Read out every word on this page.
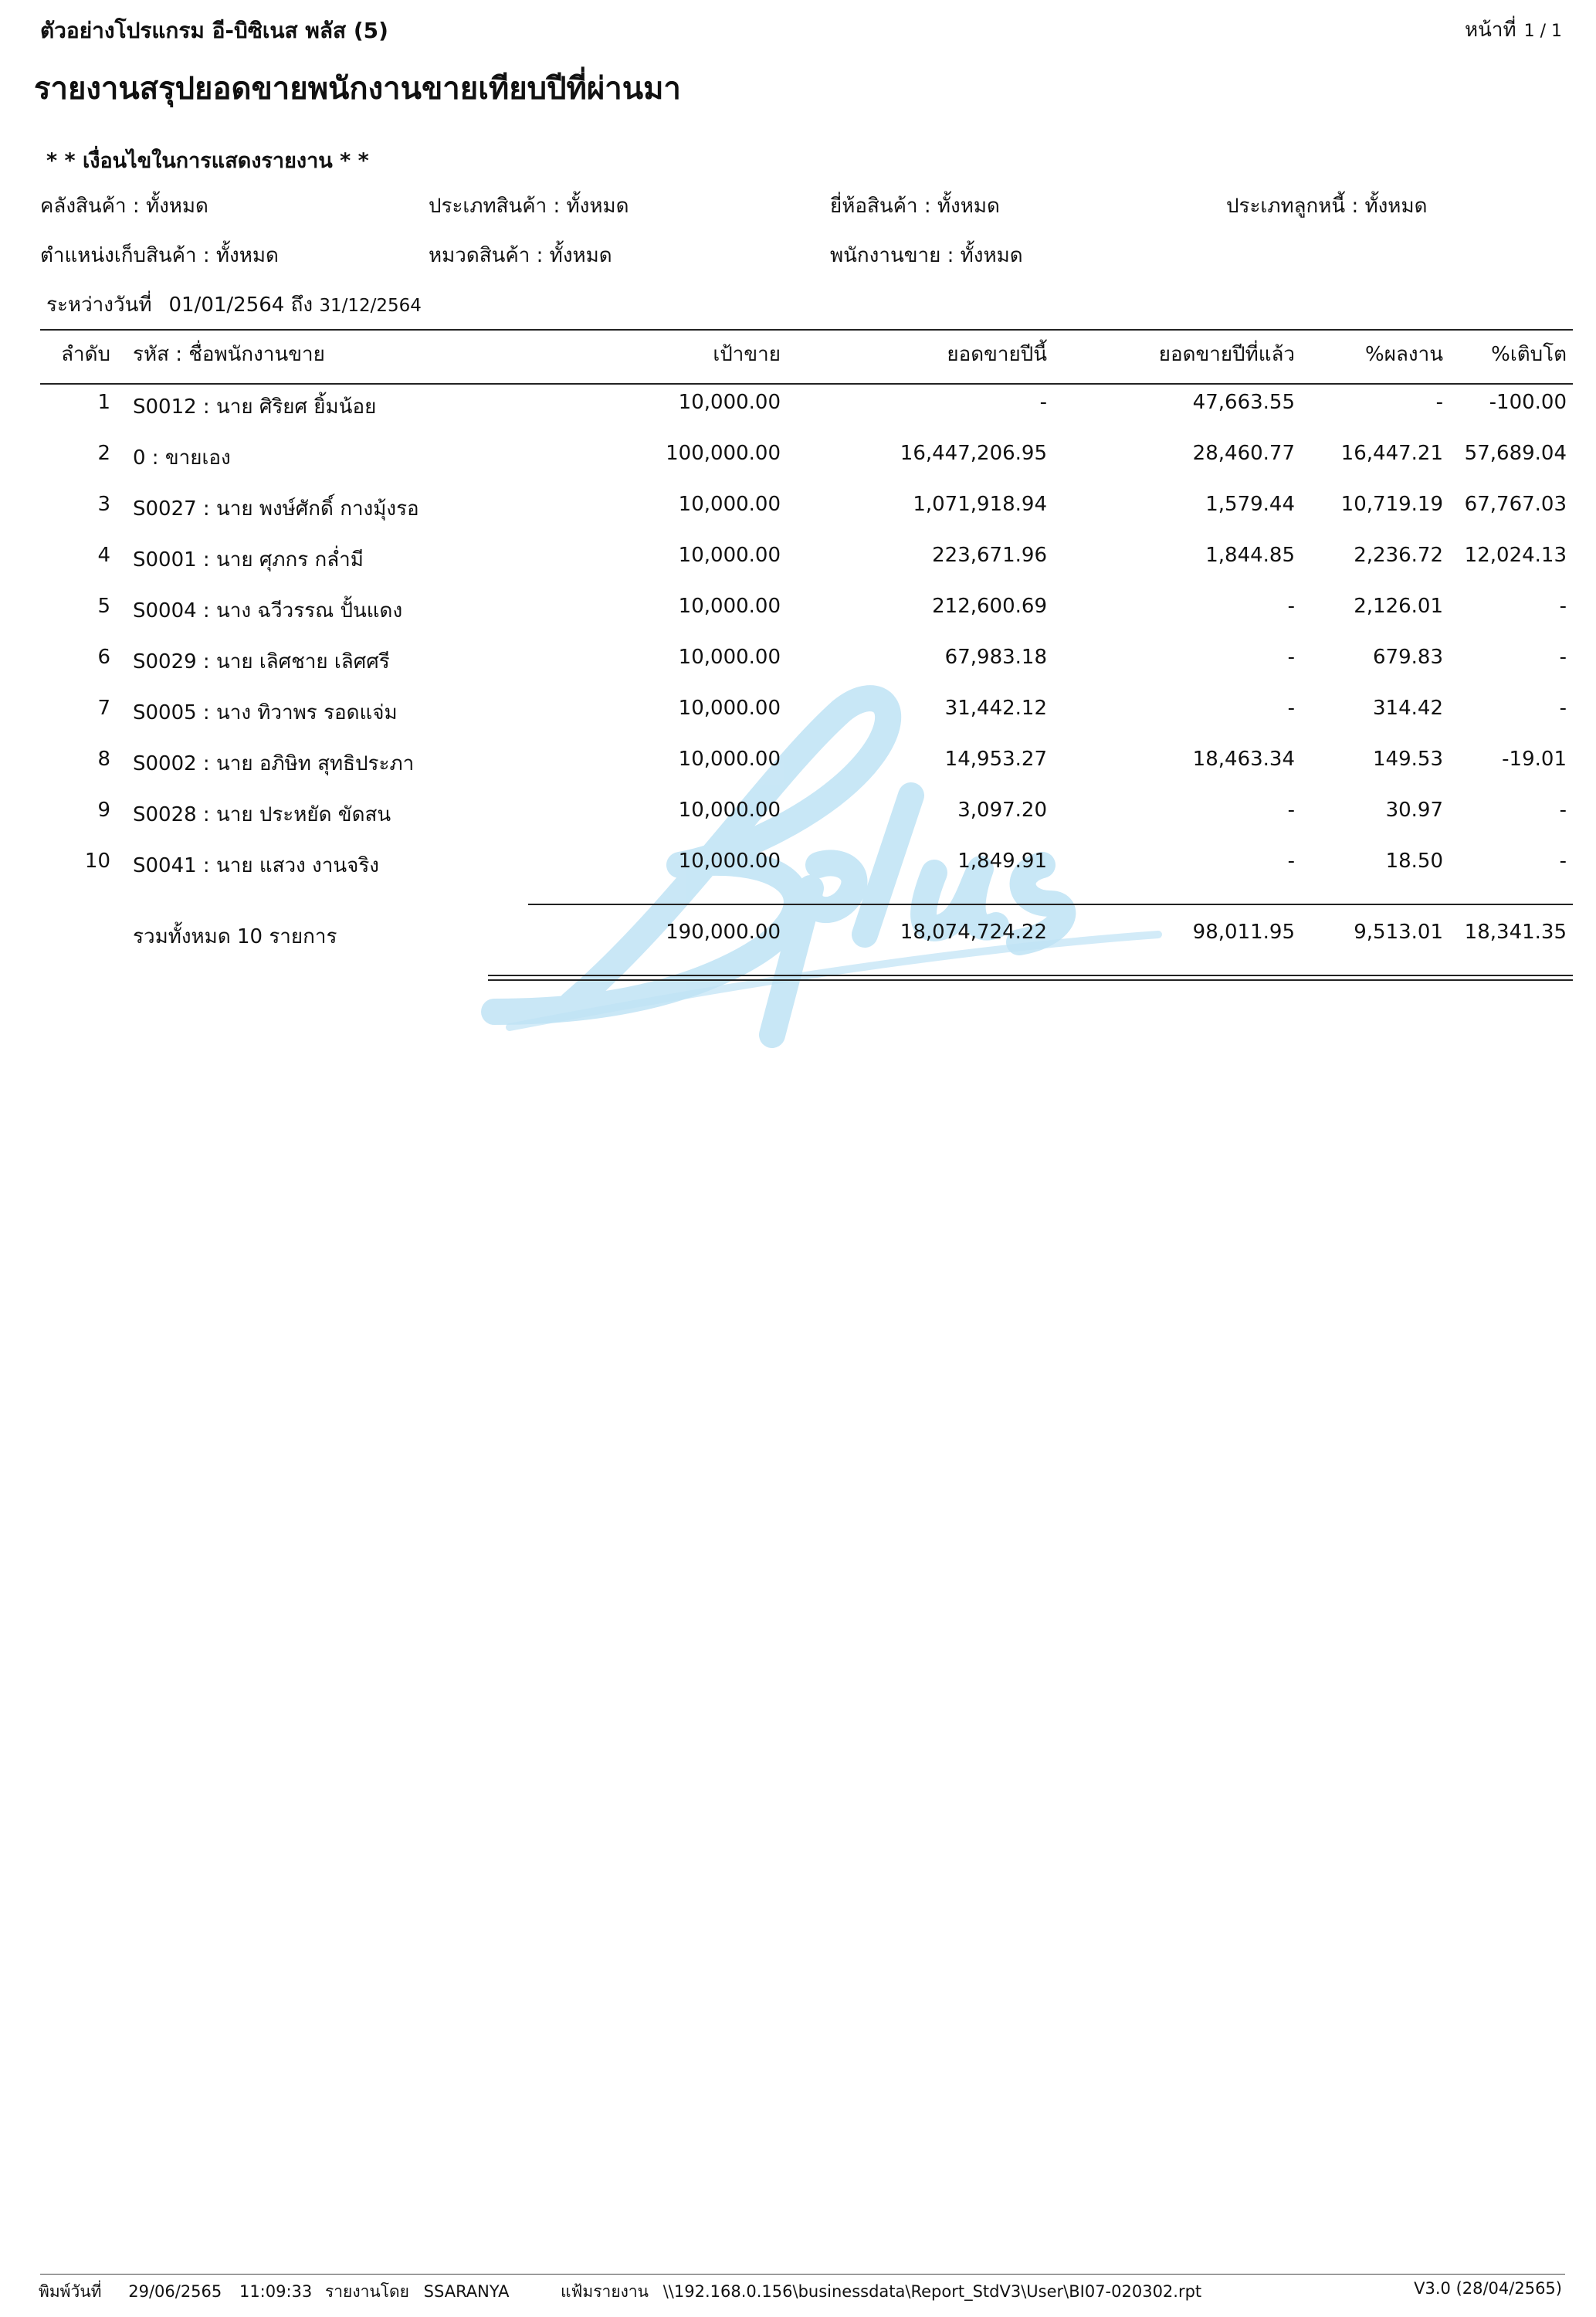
ตัวอย่างโปรแกรม อี-บิซิเนส พลัส (5)	หน้าที่ 1 / 1
รายงานสรุปยอดขายพนักงานขายเทียบปีที่ผ่านมา
* * เงื่อนไขในการแสดงรายงาน * *
คลังสินค้า : ทั้งหมด	ประเภทสินค้า : ทั้งหมด	ยี่ห้อสินค้า : ทั้งหมด	ประเภทลูกหนี้ : ทั้งหมด
ตำแหน่งเก็บสินค้า : ทั้งหมด	หมวดสินค้า : ทั้งหมด	พนักงานขาย : ทั้งหมด
ระหว่างวันที่ 01/01/2564 ถึง 31/12/2564
ลำดับ รหัส : ชื่อพนักงานขาย	เป้าขาย	ยอดขายปีนี้	ยอดขายปีที่แล้ว	%ผลงาน %เติบโต
1 S0012 : นาย ศิริยศ ยิ้มน้อย	10,000.00	-	47,663.55	- -100.00
2 0 : ขายเอง	100,000.00	16,447,206.95	28,460.77 16,447.21 57,689.04
3 S0027 : นาย พงษ์ศักดิ์ กางมุ้งรอ	10,000.00	1,071,918.94	1,579.44 10,719.19 67,767.03
4 S0001 : นาย ศุภกร กล่ำมี	10,000.00	223,671.96	1,844.85	2,236.72 12,024.13
5 S0004 : นาง ฉวีวรรณ ปั้นแดง	10,000.00	212,600.69	-	2,126.01	-
6 S0029 : นาย เลิศชาย เลิศศรี	10,000.00	67,983.18	-	679.83	-
7 S0005 : นาง ทิวาพร รอดแจ่ม	10,000.00	31,442.12	-	314.42	-
8 S0002 : นาย อภิษิท สุทธิประภา	10,000.00	14,953.27	18,463.34	149.53	-19.01
9 S0028 : นาย ประหยัด ขัดสน	10,000.00	3,097.20	-	30.97	-
10 S0041 : นาย แสวง งานจริง	10,000.00	1,849.91	-	18.50	-
รวมทั้งหมด 10 รายการ	190,000.00	18,074,724.22	98,011.95	9,513.01 18,341.35
พิมพ์วันที่ 29/06/2565 11:09:33 รายงานโดย SSARANYA	แฟ้มรายงาน \\192.168.0.156\businessdata\Report_StdV3\User\BI07-020302.rpt	V3.0 (28/04/2565)
